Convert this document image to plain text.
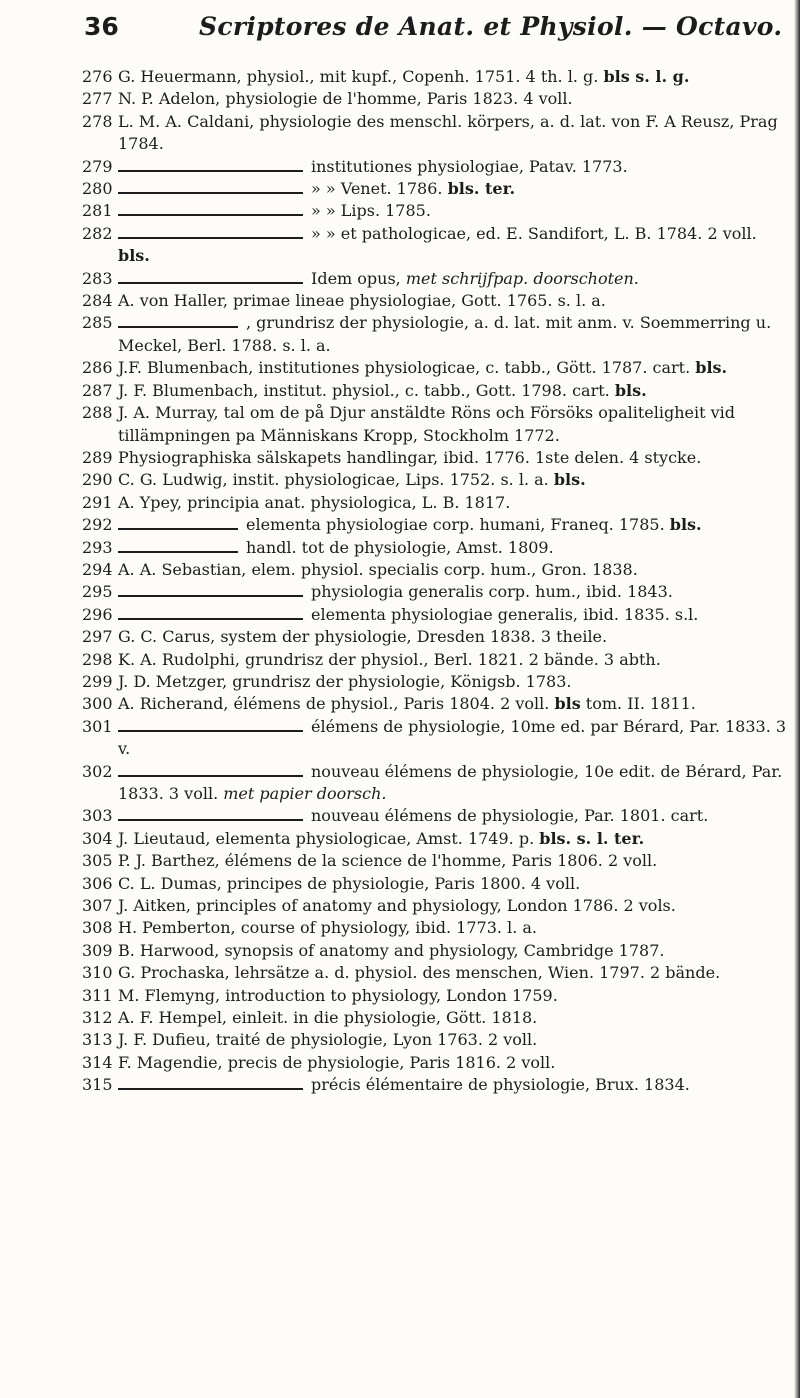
36	Scriptores de Anat. et Physiol. — Octavo.
276 G. Heuermann, physiol., mit kupf., Copenh. 1751. 4 th. l. g. bls s. l. g.
277 N. P. Adelon, physiologie de l'homme, Paris 1823. 4 voll.
278 L. M. A. Caldani, physiologie des menschl. körpers, a. d. lat. von F. A Reusz, Prag 1784.
279	institutiones physiologiae, Patav. 1773.
280	» » Venet. 1786. bls. ter.
281	» » Lips. 1785.
282	» » et pathologicae, ed. E. Sandifort, L. B. 1784. 2 voll. bls.
283	Idem opus, met schrijfpap. doorschoten.
284 A. von Haller, primae lineae physiologiae, Gott. 1765. s. l. a.
285	, grundrisz der physiologie, a. d. lat. mit anm. v. Soemmerring u. Meckel, Berl. 1788. s. l. a.
286 J.F. Blumenbach, institutiones physiologicae, c. tabb., Gött. 1787. cart. bls.
287 J. F. Blumenbach, institut. physiol., c. tabb., Gott. 1798. cart. bls.
288 J. A. Murray, tal om de på Djur anstäldte Röns och Försöks opaliteligheit vid tillämpningen pa Människans Kropp, Stockholm 1772.
289 Physiographiska sälskapets handlingar, ibid. 1776. 1ste delen. 4 stycke.
290 C. G. Ludwig, instit. physiologicae, Lips. 1752. s. l. a. bls.
291 A. Ypey, principia anat. physiologica, L. B. 1817.
292	elementa physiologiae corp. humani, Franeq. 1785. bls.
293	handl. tot de physiologie, Amst. 1809.
294 A. A. Sebastian, elem. physiol. specialis corp. hum., Gron. 1838.
295	physiologia generalis corp. hum., ibid. 1843.
296	elementa physiologiae generalis, ibid. 1835. s.l.
297 G. C. Carus, system der physiologie, Dresden 1838. 3 theile.
298 K. A. Rudolphi, grundrisz der physiol., Berl. 1821. 2 bände. 3 abth.
299 J. D. Metzger, grundrisz der physiologie, Königsb. 1783.
300 A. Richerand, élémens de physiol., Paris 1804. 2 voll. bls tom. II. 1811.
301	élémens de physiologie, 10me ed. par Bérard, Par. 1833. 3 v.
302	nouveau élémens de physiologie, 10e edit. de Bérard, Par. 1833. 3 voll. met papier doorsch.
303	nouveau élémens de physiologie, Par. 1801. cart.
304 J. Lieutaud, elementa physiologicae, Amst. 1749. p. bls. s. l. ter.
305 P. J. Barthez, élémens de la science de l'homme, Paris 1806. 2 voll.
306 C. L. Dumas, principes de physiologie, Paris 1800. 4 voll.
307 J. Aitken, principles of anatomy and physiology, London 1786. 2 vols.
308 H. Pemberton, course of physiology, ibid. 1773. l. a.
309 B. Harwood, synopsis of anatomy and physiology, Cambridge 1787.
310 G. Prochaska, lehrsätze a. d. physiol. des menschen, Wien. 1797. 2 bände.
311 M. Flemyng, introduction to physiology, London 1759.
312 A. F. Hempel, einleit. in die physiologie, Gött. 1818.
313 J. F. Dufieu, traité de physiologie, Lyon 1763. 2 voll.
314 F. Magendie, precis de physiologie, Paris 1816. 2 voll.
315	précis élémentaire de physiologie, Brux. 1834.
